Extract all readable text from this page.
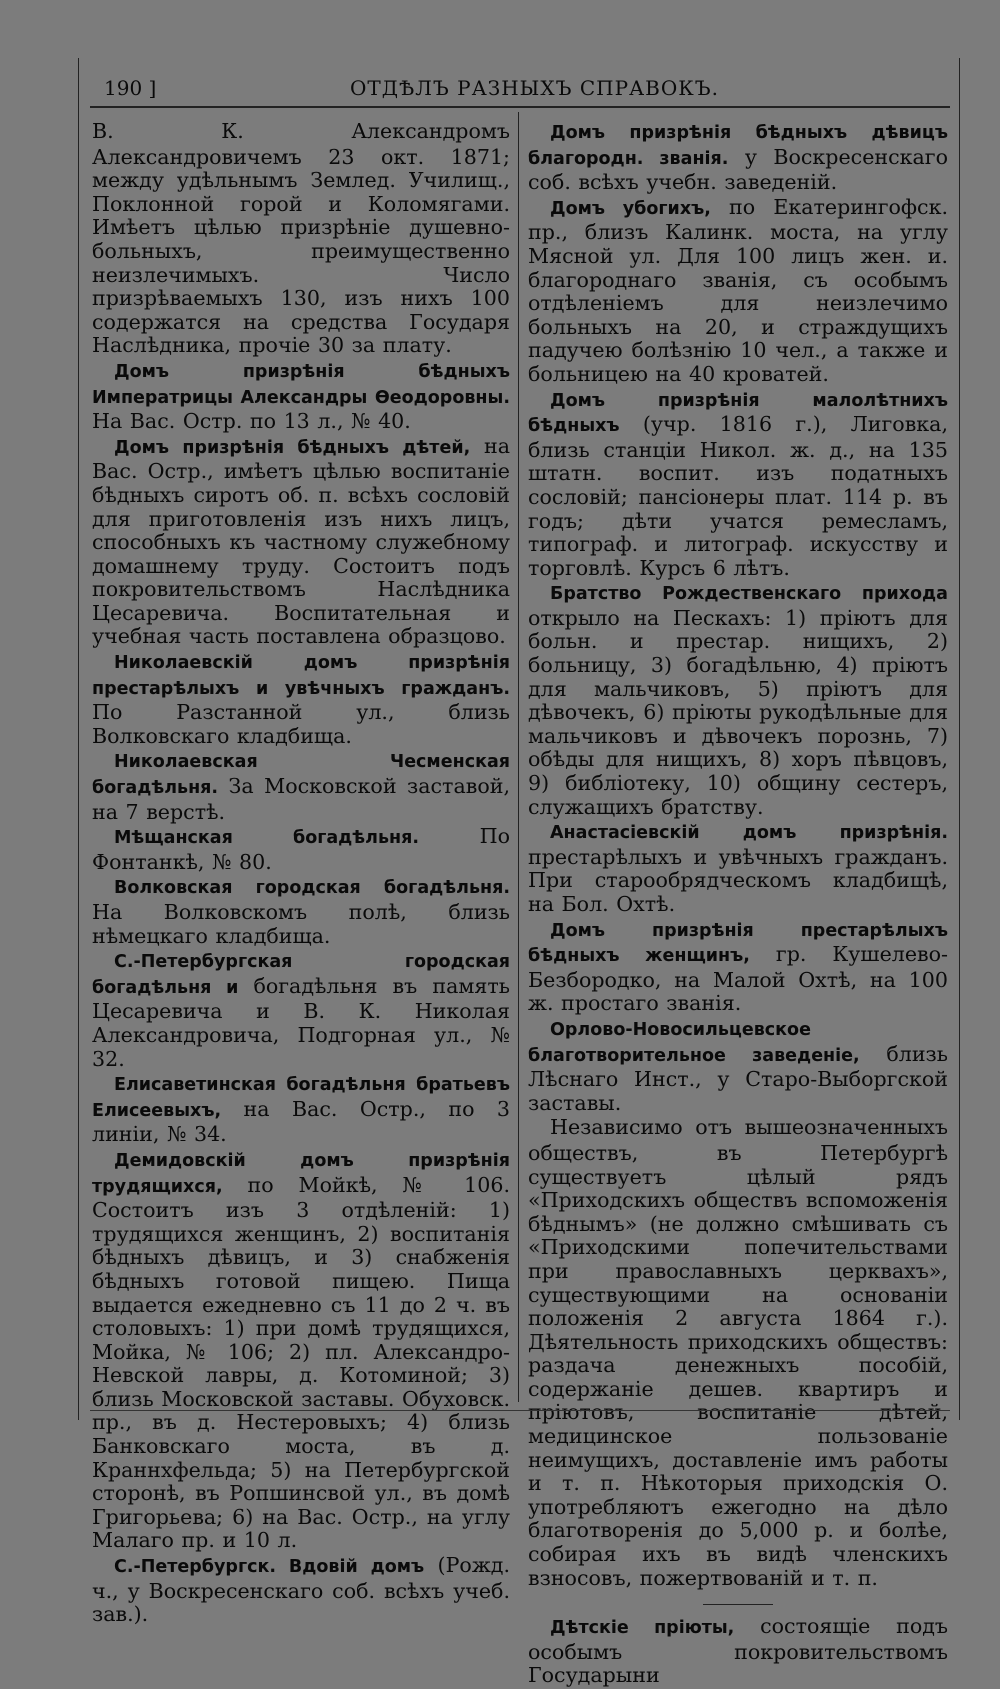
190 ]	ОТДѢЛЪ РАЗНЫХЪ СПРАВОКЪ.

В. К. Александромъ Александровичемъ 23 окт. 1871; между удѣльнымъ Землед. Училищ., Поклонной горой и Коломягами. Имѣетъ цѣлью призрѣніе душевно-больныхъ, преимущественно неизлечимыхъ. Число призрѣваемыхъ 130, изъ нихъ 100 содержатся на средства Государя Наслѣдника, прочіе 30 за плату.

Домъ призрѣнія бѣдныхъ Императрицы Александры Өеодоровны. На Вас. Остр. по 13 л., № 40.

Домъ призрѣнія бѣдныхъ дѣтей, на Вас. Остр., имѣетъ цѣлью воспитаніе бѣдныхъ сиротъ об. п. всѣхъ сословій для приготовленія изъ нихъ лицъ, способныхъ къ частному служебному домашнему труду. Состоитъ подъ покровительствомъ Наслѣдника Цесаревича. Воспитательная и учебная часть поставлена образцово.

Николаевскій домъ призрѣнія престарѣлыхъ и увѣчныхъ гражданъ. По Разстанной ул., близь Волковскаго кладбища.

Николаевская Чесменская богадѣльня. За Московской заставой, на 7 верстѣ.

Мѣщанская богадѣльня. По Фонтанкѣ, № 80.

Волковская городская богадѣльня. На Волковскомъ полѣ, близь нѣмецкаго кладбища.

С.-Петербургская городская богадѣльня и богадѣльня въ память Цесаревича и В. К. Николая Александровича, Подгорная ул., № 32.

Елисаветинская богадѣльня братьевъ Елисеевыхъ, на Вас. Остр., по 3 линіи, № 34.

Демидовскій домъ призрѣнія трудящихся, по Мойкѣ, № 106. Состоитъ изъ 3 отдѣленій: 1) трудящихся женщинъ, 2) воспитанія бѣдныхъ дѣвицъ, и 3) снабженія бѣдныхъ готовой пищею. Пища выдается ежедневно съ 11 до 2 ч. въ столовыхъ: 1) при домѣ трудящихся, Мойка, № 106; 2) пл. Александро-Невской лавры, д. Котоминой; 3) близь Московской заставы. Обуховск. пр., въ д. Нестеровыхъ; 4) близь Банковскаго моста, въ д. Краннхфельда; 5) на Петербургской сторонѣ, въ Ропшинсвой ул., въ домѣ Григорьева; 6) на Вас. Остр., на углу Малаго пр. и 10 л.

С.-Петербургск. Вдовій домъ (Рожд. ч., у Воскресенскаго соб. всѣхъ учеб. зав.).

Домъ призрѣнія бѣдныхъ дѣвицъ благородн. званія. у Воскресенскаго соб. всѣхъ учебн. заведеній.

Домъ убогихъ, по Екатерингофск. пр., близъ Калинк. моста, на углу Мясной ул. Для 100 лицъ жен. и. благороднаго званія, съ особымъ отдѣленіемъ для неизлечимо больныхъ на 20, и страждущихъ падучею болѣзнію 10 чел., а также и больницею на 40 кроватей.

Домъ призрѣнія малолѣтнихъ бѣдныхъ (учр. 1816 г.), Лиговка, близь станціи Никол. ж. д., на 135 штатн. воспит. изъ податныхъ сословій; пансіонеры плат. 114 р. въ годъ; дѣти учатся ремесламъ, типограф. и литограф. искусству и торговлѣ. Курсъ 6 лѣтъ.

Братство Рождественскаго прихода открыло на Пескахъ: 1) пріютъ для больн. и престар. нищихъ, 2) больницу, 3) богадѣльню, 4) пріютъ для мальчиковъ, 5) пріютъ для дѣвочекъ, 6) пріюты рукодѣльные для мальчиковъ и дѣвочекъ порознь, 7) обѣды для нищихъ, 8) хоръ пѣвцовъ, 9) библіотеку, 10) общину сестеръ, служащихъ братству.

Анастасіевскій домъ призрѣнія. престарѣлыхъ и увѣчныхъ гражданъ. При старообрядческомъ кладбищѣ, на Бол. Охтѣ.

Домъ призрѣнія престарѣлыхъ бѣдныхъ женщинъ, гр. Кушелево-Безбородко, на Малой Охтѣ, на 100 ж. простаго званія.

Орлово-Новосильцевское благотворительное заведеніе, близь Лѣснаго Инст., у Старо-Выборгской заставы.

Независимо отъ вышеозначенныхъ обществъ, въ Петербургѣ существуетъ цѣлый рядъ «Приходскихъ обществъ вспоможенія бѣднымъ» (не должно смѣшивать съ «Приходскими попечительствами при православныхъ церквахъ», существующими на основаніи положенія 2 августа 1864 г.). Дѣятельность приходскихъ обществъ: раздача денежныхъ пособій, содержаніе дешев. квартиръ и пріютовъ, воспитаніе дѣтей, медицинское пользованіе неимущихъ, доставленіе имъ работы и т. п. Нѣкоторыя приходскія О. употребляютъ ежегодно на дѣло благотворенія до 5,000 р. и болѣе, собирая ихъ въ видѣ членскихъ взносовъ, пожертвованій и т. п.

Дѣтскіе пріюты, состоящіе подъ особымъ покровительствомъ Государыни
